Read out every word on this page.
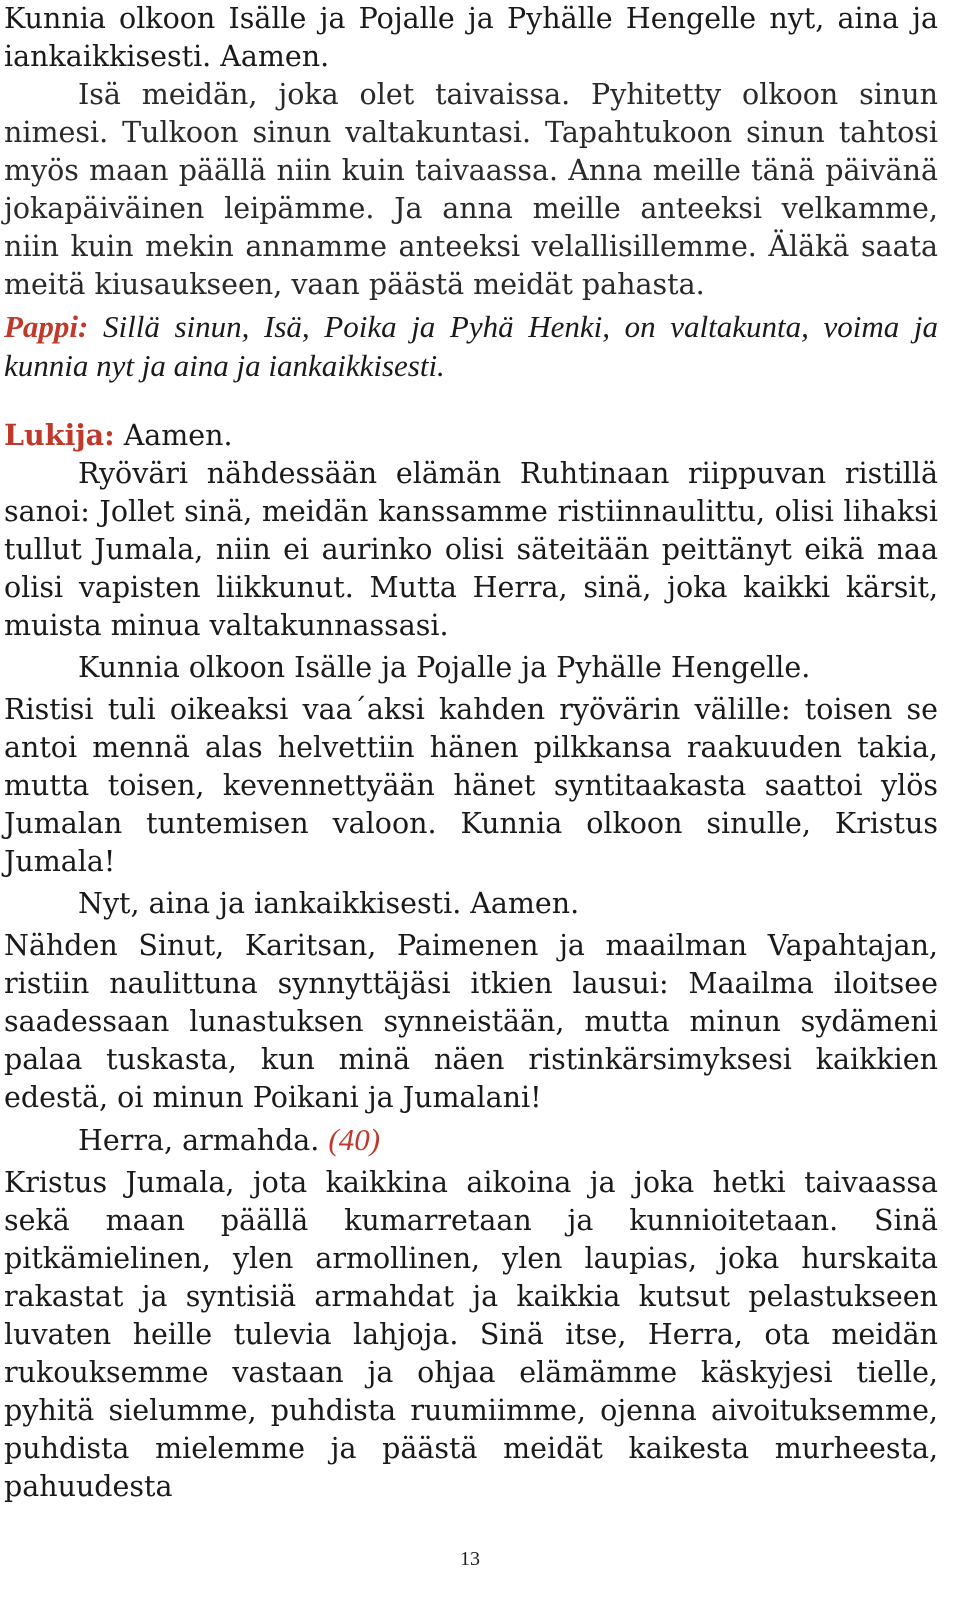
Kunnia olkoon Isälle ja Pojalle ja Pyhälle Hengelle nyt, aina ja iankaikkisesti. Aamen.

Isä meidän, joka olet taivaissa. Pyhitetty olkoon sinun nimesi. Tulkoon sinun valtakuntasi. Tapahtukoon sinun tahtosi myös maan päällä niin kuin taivaassa. Anna meille tänä päivänä jokapäiväinen leipämme. Ja anna meille anteeksi velkamme, niin kuin mekin annamme anteeksi velallisillemme. Äläkä saata meitä kiusaukseen, vaan päästä meidät pahasta.

Pappi: Sillä sinun, Isä, Poika ja Pyhä Henki, on valtakunta, voima ja kunnia nyt ja aina ja iankaikkisesti.

Lukija: Aamen.

Ryöväri nähdessään elämän Ruhtinaan riippuvan ristillä sanoi: Jollet sinä, meidän kanssamme ristiinnaulittu, olisi lihaksi tullut Jumala, niin ei aurinko olisi säteitään peittänyt eikä maa olisi vapisten liikkunut. Mutta Herra, sinä, joka kaikki kärsit, muista minua valtakunnassasi.

Kunnia olkoon Isälle ja Pojalle ja Pyhälle Hengelle.

Ristisi tuli oikeaksi vaa´aksi kahden ryövärin välille: toisen se antoi mennä alas helvettiin hänen pilkkansa raakuuden takia, mutta toisen, kevennettyään hänet syntitaakasta saattoi ylös Jumalan tuntemisen valoon. Kunnia olkoon sinulle, Kristus Jumala!

Nyt, aina ja iankaikkisesti. Aamen.

Nähden Sinut, Karitsan, Paimenen ja maailman Vapahtajan, ristiin naulittuna synnyttäjäsi itkien lausui: Maailma iloitsee saadessaan lunastuksen synneistään, mutta minun sydämeni palaa tuskasta, kun minä näen ristinkärsimyksesi kaikkien edestä, oi minun Poikani ja Jumalani!

Herra, armahda. (40)

Kristus Jumala, jota kaikkina aikoina ja joka hetki taivaassa sekä maan päällä kumarretaan ja kunnioitetaan. Sinä pitkämielinen, ylen armollinen, ylen laupias, joka hurskaita rakastat ja syntisiä armahdat ja kaikkia kutsut pelastukseen luvaten heille tulevia lahjoja. Sinä itse, Herra, ota meidän rukouksemme vastaan ja ohjaa elämämme käskyjesi tielle, pyhitä sielumme, puhdista ruumiimme, ojenna aivoituksemme, puhdista mielemme ja päästä meidät kaikesta murheesta, pahuudesta

13
